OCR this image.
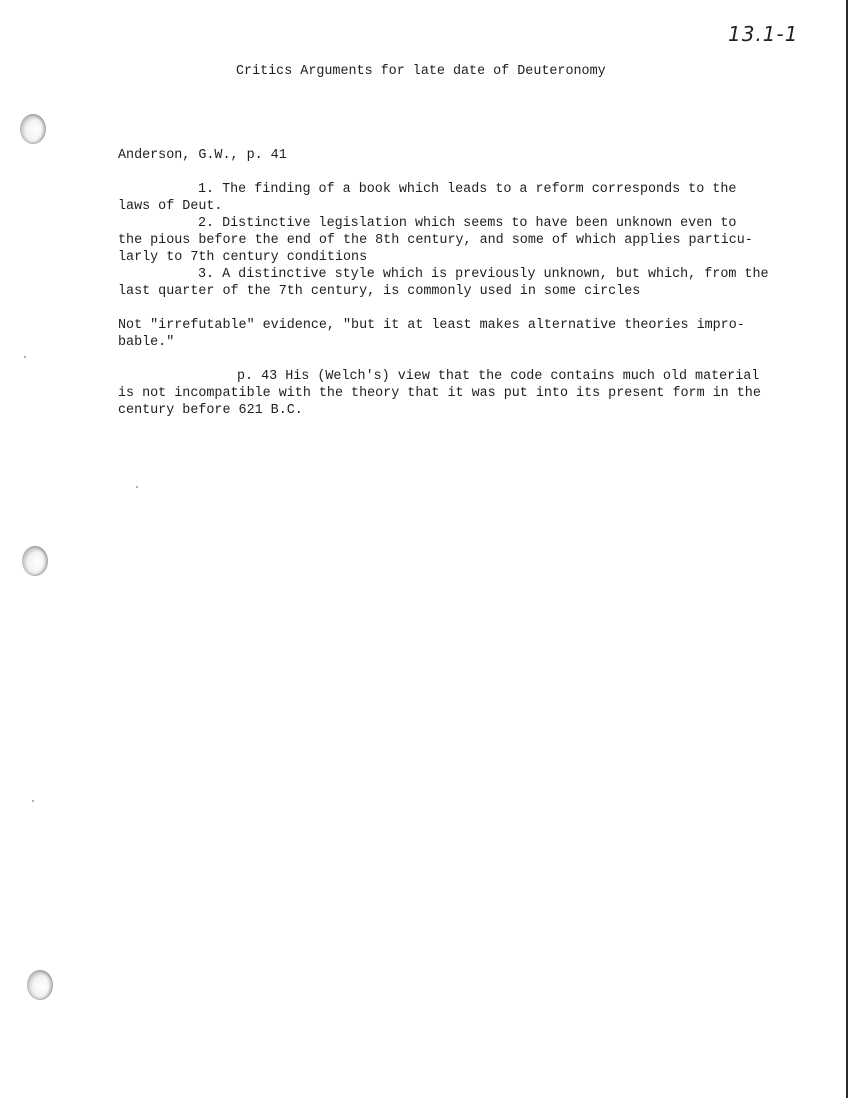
13.1-1
Critics Arguments for late date of Deuteronomy
Anderson, G.W., p. 41
1. The finding of a book which leads to a reform corresponds to the
laws of Deut.
2. Distinctive legislation which seems to have been unknown even to
the pious before the end of the 8th century, and some of which applies particu-
larly to 7th century conditions
3. A distinctive style which is previously unknown, but which, from the
last quarter of the 7th century, is commonly used in some circles
Not "irrefutable" evidence, "but it at least makes alternative theories impro-
bable."
p. 43 His (Welch's) view that the code contains much old material
is not incompatible with the theory that it was put into its present form in the
century before 621 B.C.
